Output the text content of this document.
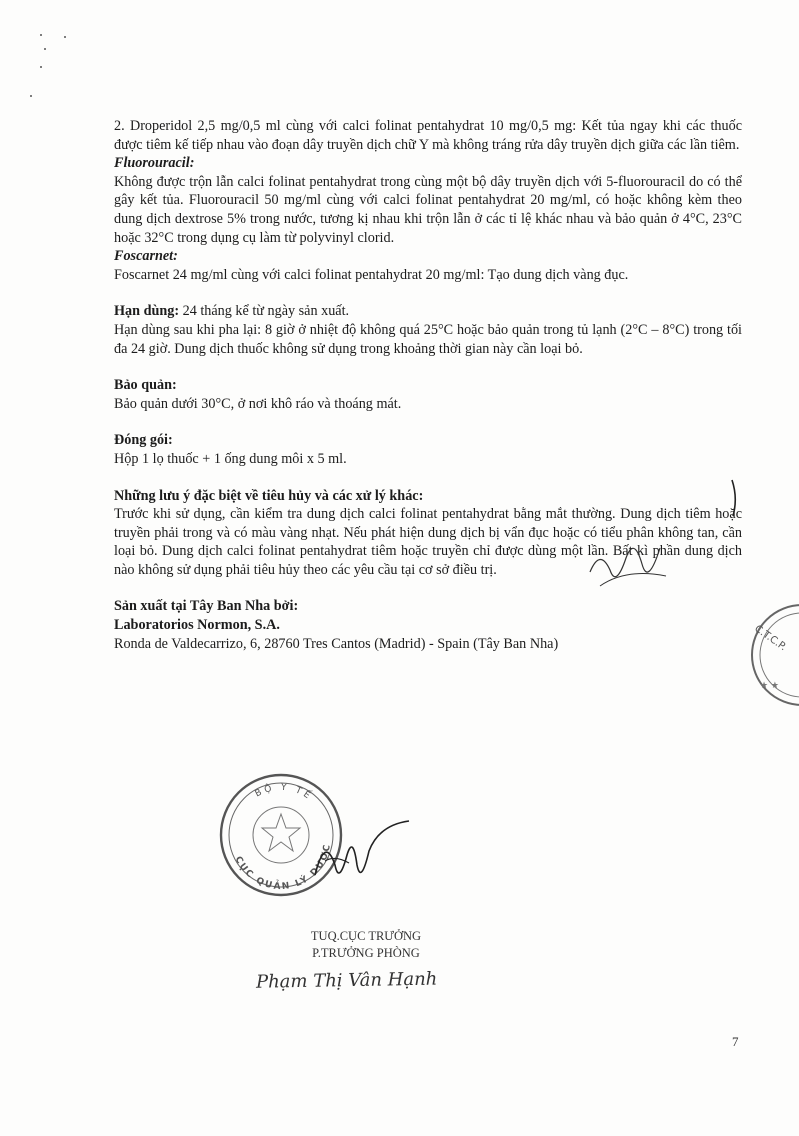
2. Droperidol 2,5 mg/0,5 ml cùng với calci folinat pentahydrat 10 mg/0,5 mg: Kết tủa ngay khi các thuốc được tiêm kế tiếp nhau vào đoạn dây truyền dịch chữ Y mà không tráng rửa dây truyền dịch giữa các lần tiêm.

Fluorouracil:

Không được trộn lẫn calci folinat pentahydrat trong cùng một bộ dây truyền dịch với 5-fluorouracil do có thể gây kết tủa. Fluorouracil 50 mg/ml cùng với calci folinat pentahydrat 20 mg/ml, có hoặc không kèm theo dung dịch dextrose 5% trong nước, tương kị nhau khi trộn lẫn ở các tỉ lệ khác nhau và bảo quản ở 4°C, 23°C hoặc 32°C trong dụng cụ làm từ polyvinyl clorid.

Foscarnet:

Foscarnet 24 mg/ml cùng với calci folinat pentahydrat 20 mg/ml: Tạo dung dịch vàng đục.

Hạn dùng: 24 tháng kể từ ngày sản xuất.

Hạn dùng sau khi pha lại: 8 giờ ở nhiệt độ không quá 25°C hoặc bảo quản trong tủ lạnh (2°C – 8°C) trong tối đa 24 giờ. Dung dịch thuốc không sử dụng trong khoảng thời gian này cần loại bỏ.

Bảo quản:

Bảo quản dưới 30°C, ở nơi khô ráo và thoáng mát.

Đóng gói:

Hộp 1 lọ thuốc + 1 ống dung môi x 5 ml.

Những lưu ý đặc biệt về tiêu hủy và các xử lý khác:

Trước khi sử dụng, cần kiểm tra dung dịch calci folinat pentahydrat bằng mắt thường. Dung dịch tiêm hoặc truyền phải trong và có màu vàng nhạt. Nếu phát hiện dung dịch bị vẩn đục hoặc có tiểu phân không tan, cần loại bỏ. Dung dịch calci folinat pentahydrat tiêm hoặc truyền chỉ được dùng một lần. Bất kì phần dung dịch nào không sử dụng phải tiêu hủy theo các yêu cầu tại cơ sở điều trị.

Sản xuất tại Tây Ban Nha bởi:

Laboratorios Normon, S.A.

Ronda de Valdecarrizo, 6, 28760 Tres Cantos (Madrid) - Spain (Tây Ban Nha)	C.T.C.P.
★ ★
BỘ Y TẾ
CỤC QUẢN LÝ DƯỢC
TUQ.CỤC TRƯỞNG
P.TRƯỞNG PHÒNG
Phạm Thị Vân Hạnh
7
